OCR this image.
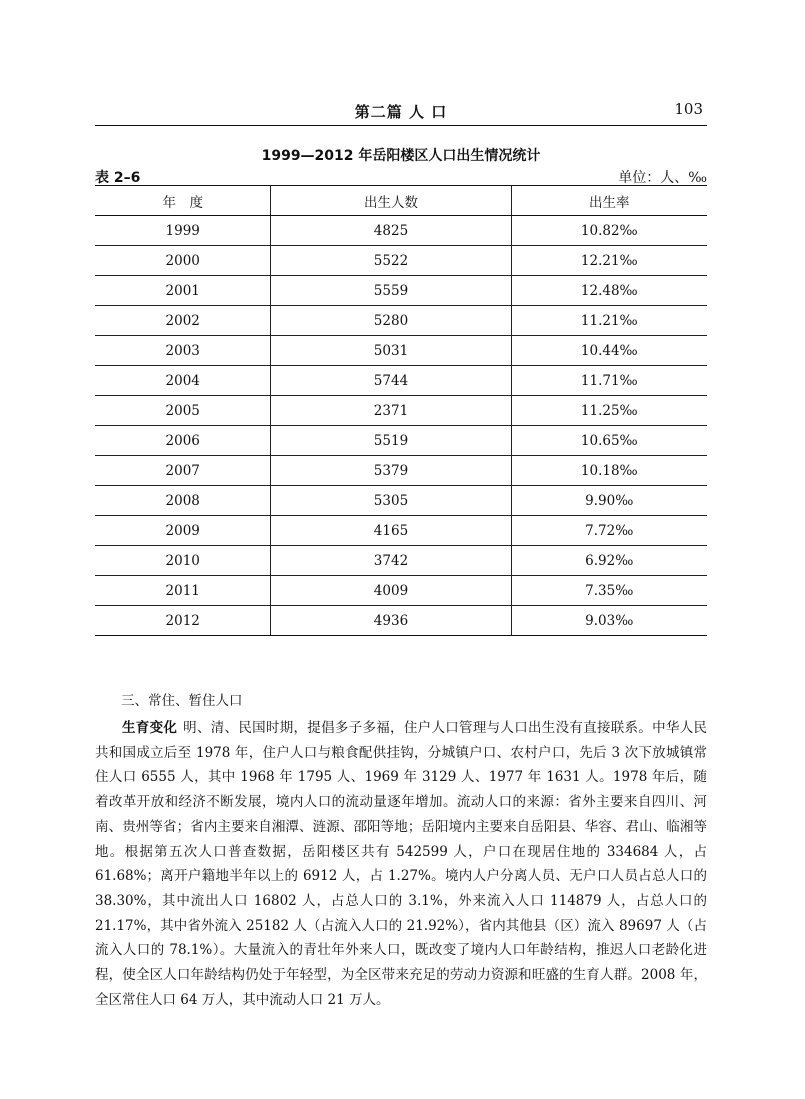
第二篇 人 口	103
1999—2012 年岳阳楼区人口出生情况统计
表 2–6	单位：人、‰
年　度	出生人数	出生率
1999	4825	10.82‰
2000	5522	12.21‰
2001	5559	12.48‰
2002	5280	11.21‰
2003	5031	10.44‰
2004	5744	11.71‰
2005	2371	11.25‰
2006	5519	10.65‰
2007	5379	10.18‰
2008	5305	9.90‰
2009	4165	7.72‰
2010	3742	6.92‰
2011	4009	7.35‰
2012	4936	9.03‰
三、常住、暂住人口
生育变化 明、清、民国时期，提倡多子多福，住户人口管理与人口出生没有直接联系。中华人民共和国成立后至 1978 年，住户人口与粮食配供挂钩，分城镇户口、农村户口，先后 3 次下放城镇常住人口 6555 人，其中 1968 年 1795 人、1969 年 3129 人、1977 年 1631 人。1978 年后，随着改革开放和经济不断发展，境内人口的流动量逐年增加。流动人口的来源：省外主要来自四川、河南、贵州等省；省内主要来自湘潭、涟源、邵阳等地；岳阳境内主要来自岳阳县、华容、君山、临湘等地。根据第五次人口普查数据，岳阳楼区共有 542599 人，户口在现居住地的 334684 人，占 61.68%；离开户籍地半年以上的 6912 人，占 1.27%。境内人户分离人员、无户口人员占总人口的 38.30%，其中流出人口 16802 人，占总人口的 3.1%，外来流入人口 114879 人，占总人口的 21.17%，其中省外流入 25182 人（占流入人口的 21.92%），省内其他县（区）流入 89697 人（占流入人口的 78.1%）。大量流入的青壮年外来人口，既改变了境内人口年龄结构，推迟人口老龄化进程，使全区人口年龄结构仍处于年轻型，为全区带来充足的劳动力资源和旺盛的生育人群。2008 年，全区常住人口 64 万人，其中流动人口 21 万人。
